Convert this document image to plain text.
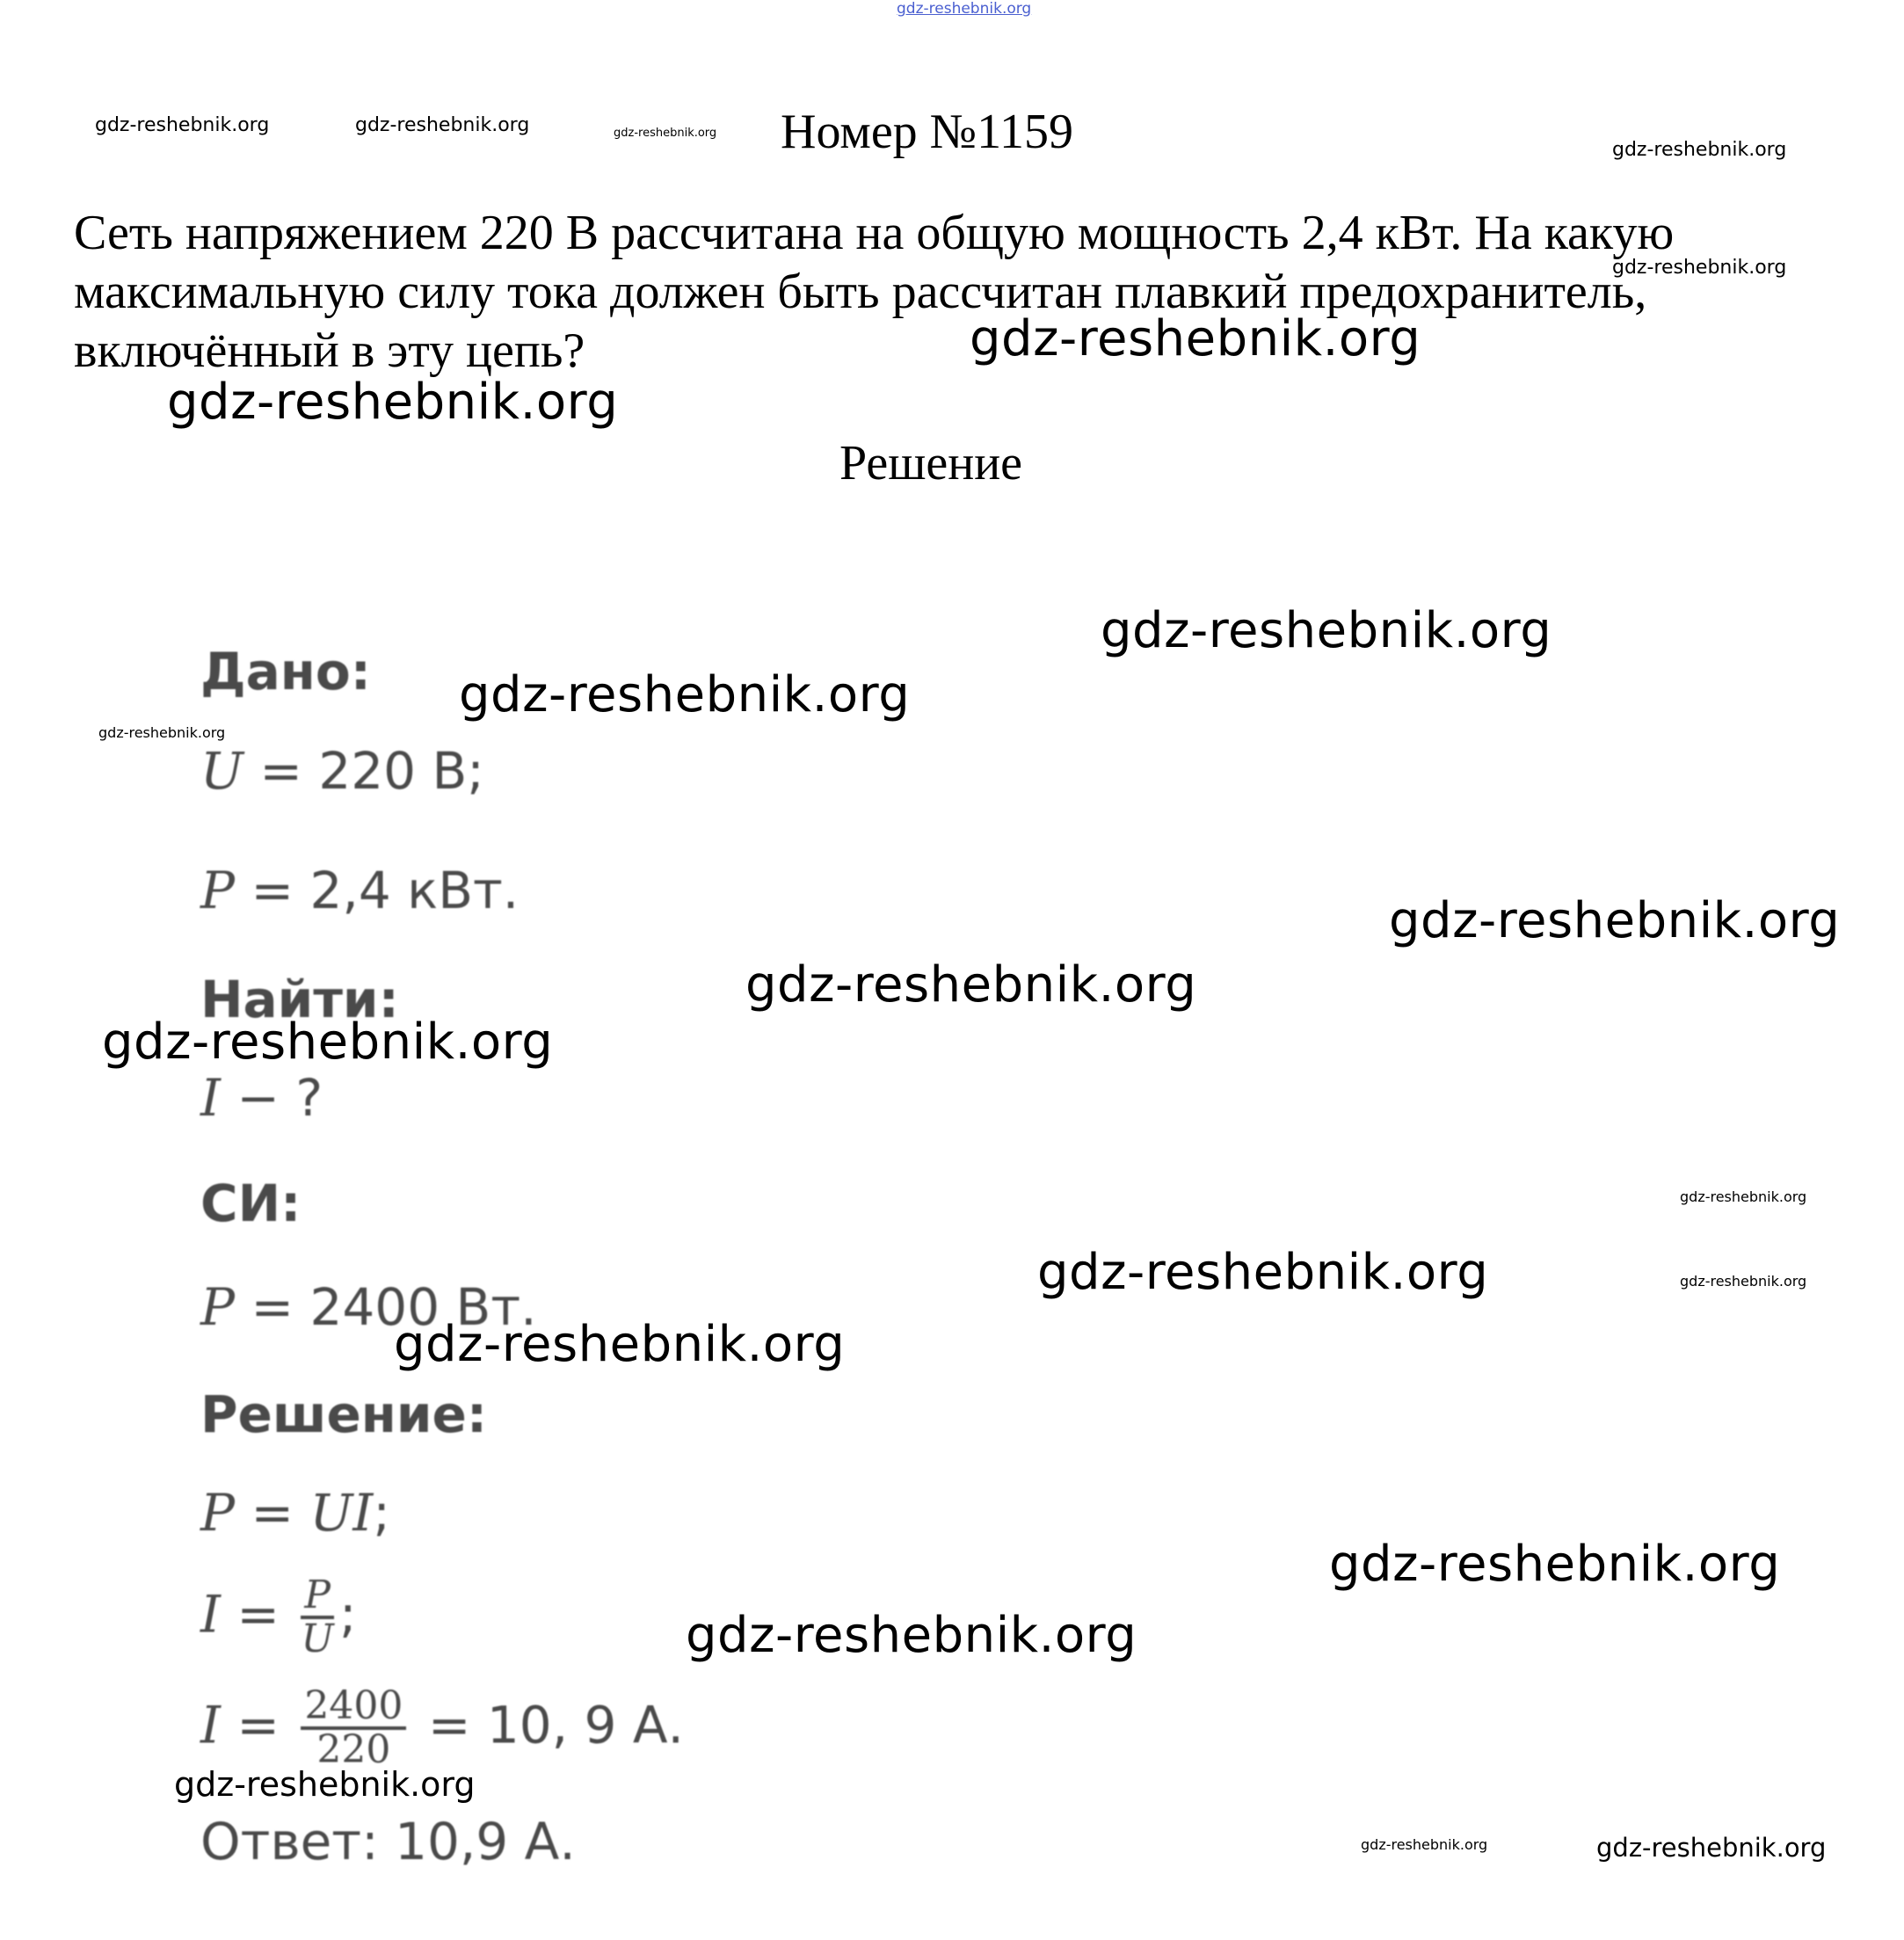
gdz-reshebnik.org
gdz-reshebnik.org	gdz-reshebnik.org	gdz-reshebnik.org
gdz-reshebnik.org
gdz-reshebnik.org
gdz-reshebnik.org
gdz-reshebnik.org
gdz-reshebnik.org
gdz-reshebnik.org
gdz-reshebnik.org
gdz-reshebnik.org
gdz-reshebnik.org
gdz-reshebnik.org
gdz-reshebnik.org
gdz-reshebnik.org
gdz-reshebnik.org
gdz-reshebnik.org
gdz-reshebnik.org
gdz-reshebnik.org
gdz-reshebnik.org
gdz-reshebnik.org	gdz-reshebnik.org
Номер №1159

Сеть напряжением 220 В рассчитана на общую мощность 2,4 кВт. На какую максимальную силу тока должен быть рассчитан плавкий предохранитель, включённый в эту цепь?

Решение
Дано:
U = 220 В;
P = 2,4 кВт.
Найти:
I − ?
СИ:
P = 2400 Вт.
Решение:
P = UI;
$I = \frac{P}{U}$ ;
$I = \frac{2400}{220} = 10$, 9 А.
Ответ: 10,9 А.
